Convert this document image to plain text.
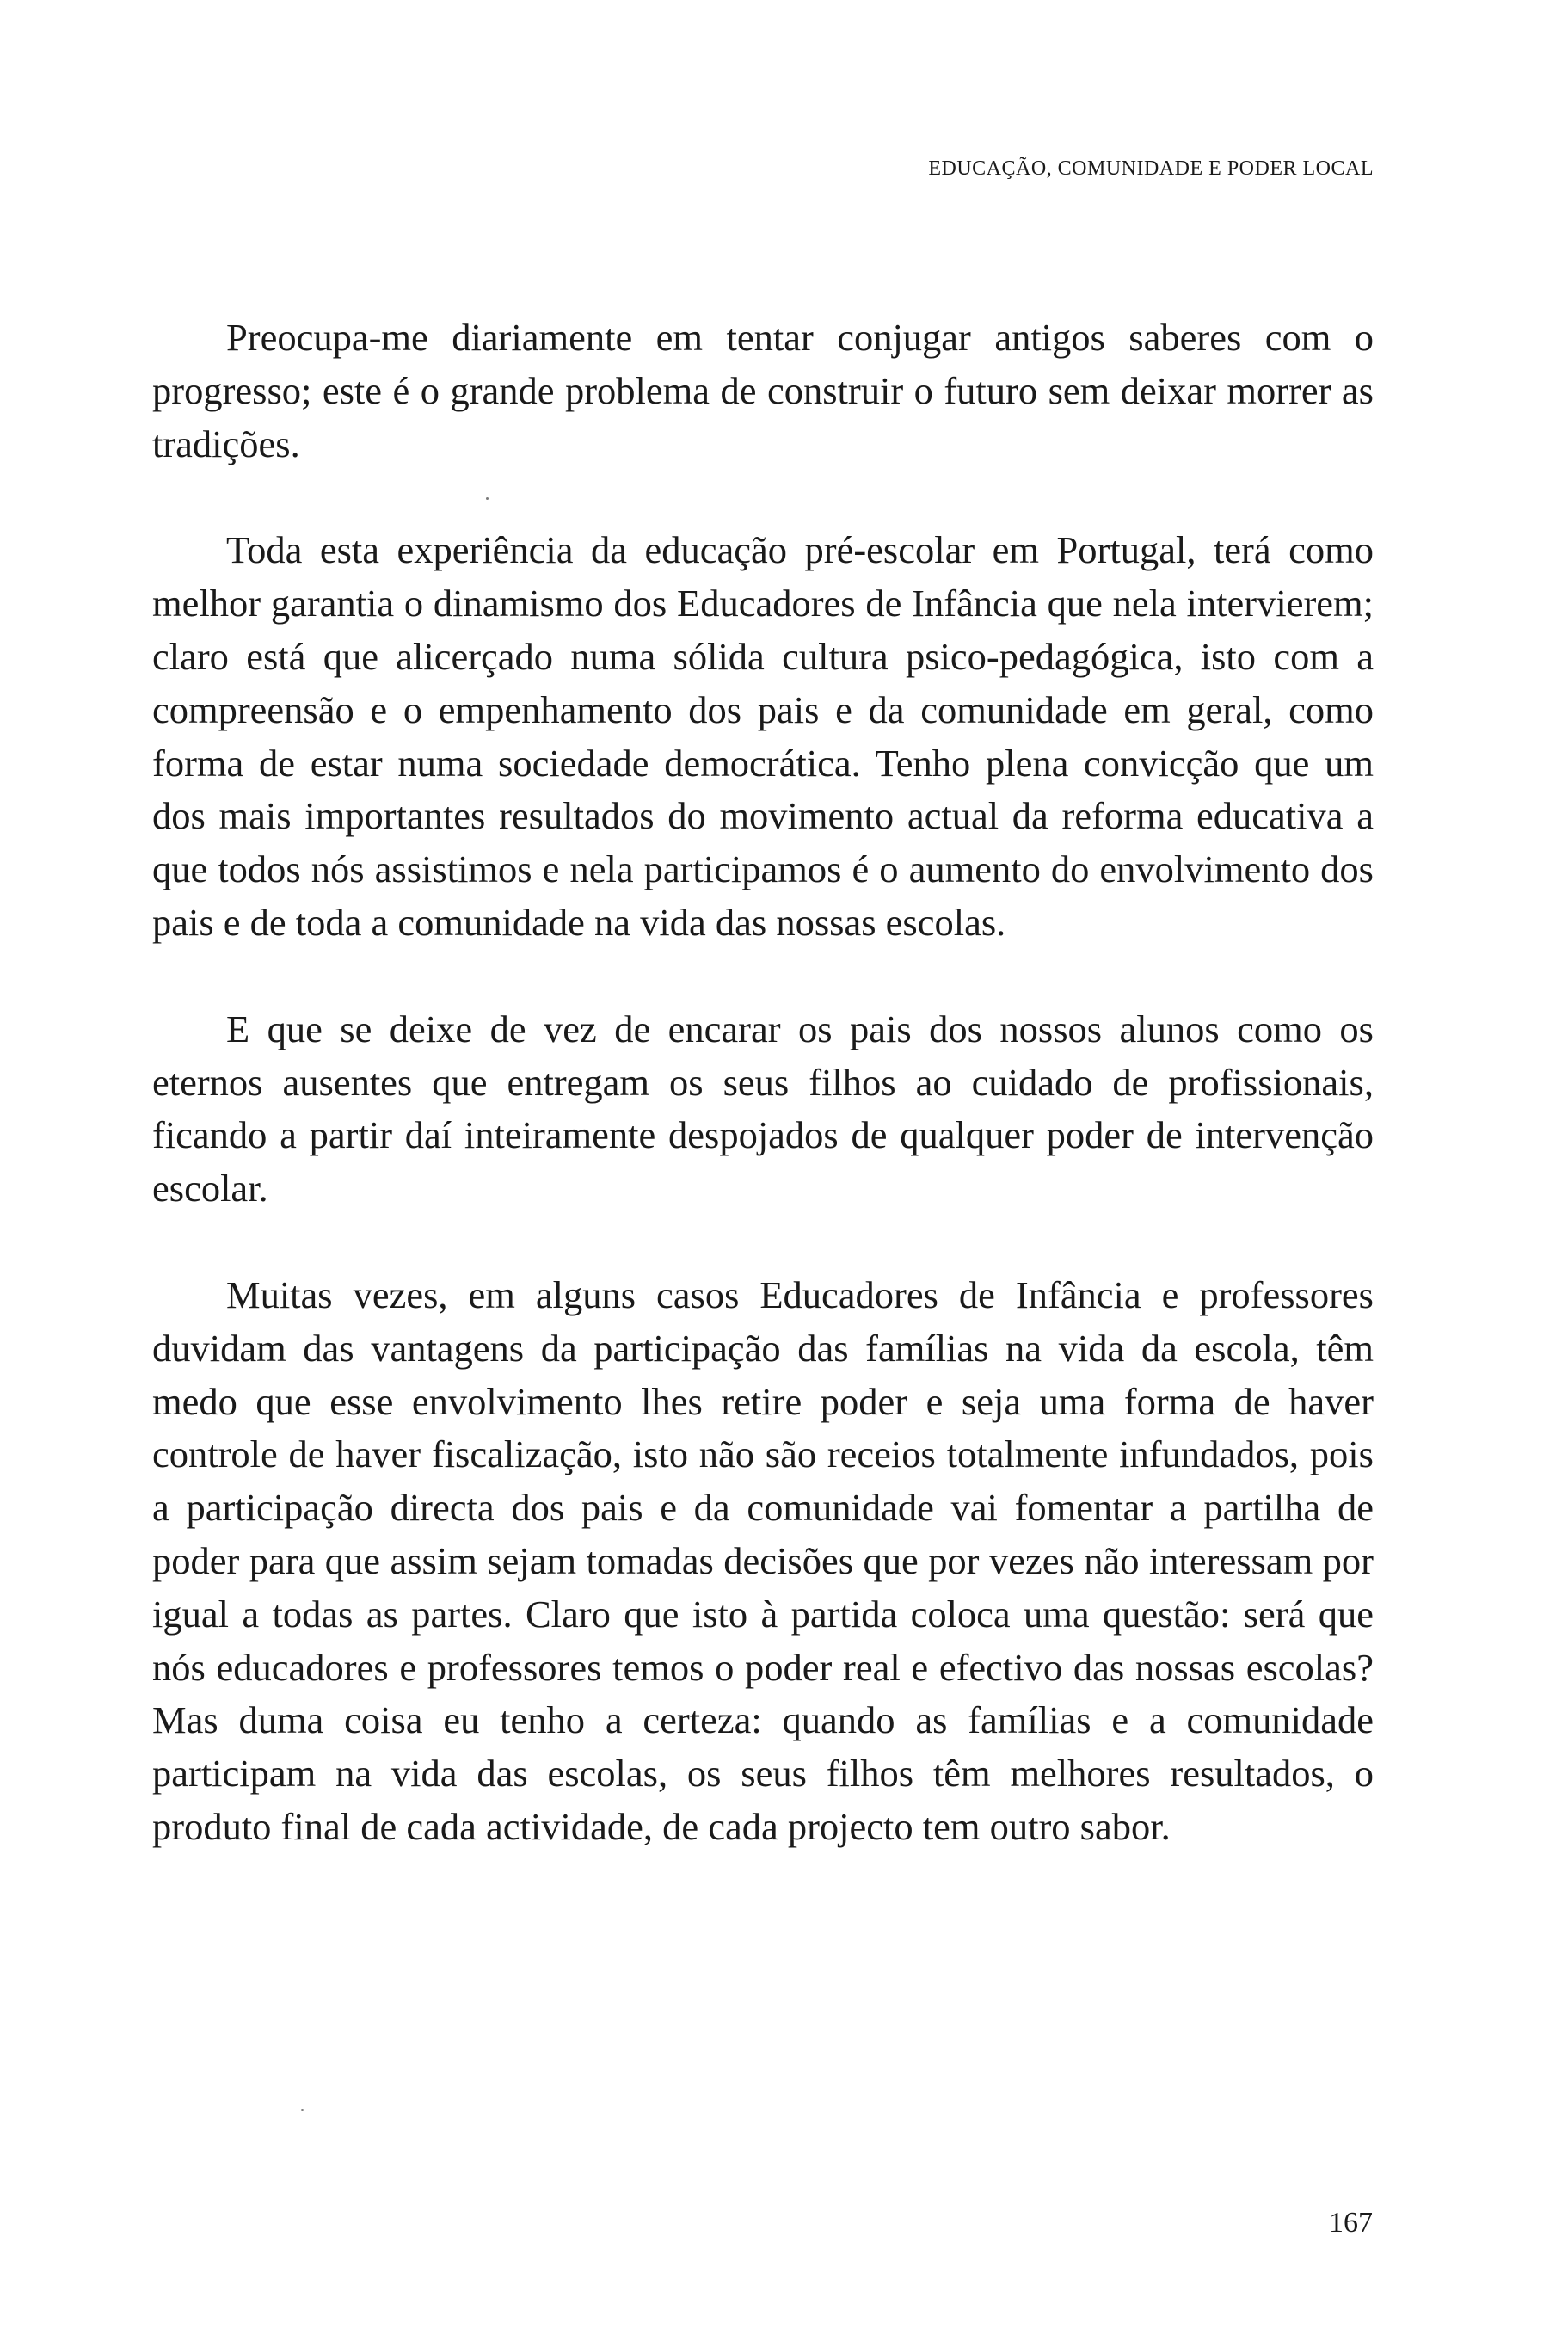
EDUCAÇÃO, COMUNIDADE E PODER LOCAL

Preocupa-me diariamente em tentar conjugar antigos saberes com o progresso; este é o grande problema de construir o futuro sem deixar morrer as tradições.

Toda esta experiência da educação pré-escolar em Portugal, terá como melhor garantia o dinamismo dos Educadores de Infância que nela intervierem; claro está que alicerçado numa sólida cultura psico-pedagógica, isto com a compreensão e o empenhamento dos pais e da comunidade em geral, como forma de estar numa sociedade democrática. Tenho plena convicção que um dos mais importantes resultados do movimento actual da reforma educativa a que todos nós assistimos e nela participamos é o aumento do envolvimento dos pais e de toda a comunidade na vida das nossas escolas.

E que se deixe de vez de encarar os pais dos nossos alunos como os eternos ausentes que entregam os seus filhos ao cuidado de profissionais, ficando a partir daí inteiramente despojados de qualquer poder de intervenção escolar.

Muitas vezes, em alguns casos Educadores de Infância e professores duvidam das vantagens da participação das famílias na vida da escola, têm medo que esse envolvimento lhes retire poder e seja uma forma de haver controle de haver fiscalização, isto não são receios totalmente infundados, pois a participação directa dos pais e da comunidade vai fomentar a partilha de poder para que assim sejam tomadas decisões que por vezes não interessam por igual a todas as partes. Claro que isto à partida coloca uma questão: será que nós educadores e professores temos o poder real e efectivo das nossas escolas? Mas duma coisa eu tenho a certeza: quando as famílias e a comunidade participam na vida das escolas, os seus filhos têm melhores resultados, o produto final de cada actividade, de cada projecto tem outro sabor.

167
